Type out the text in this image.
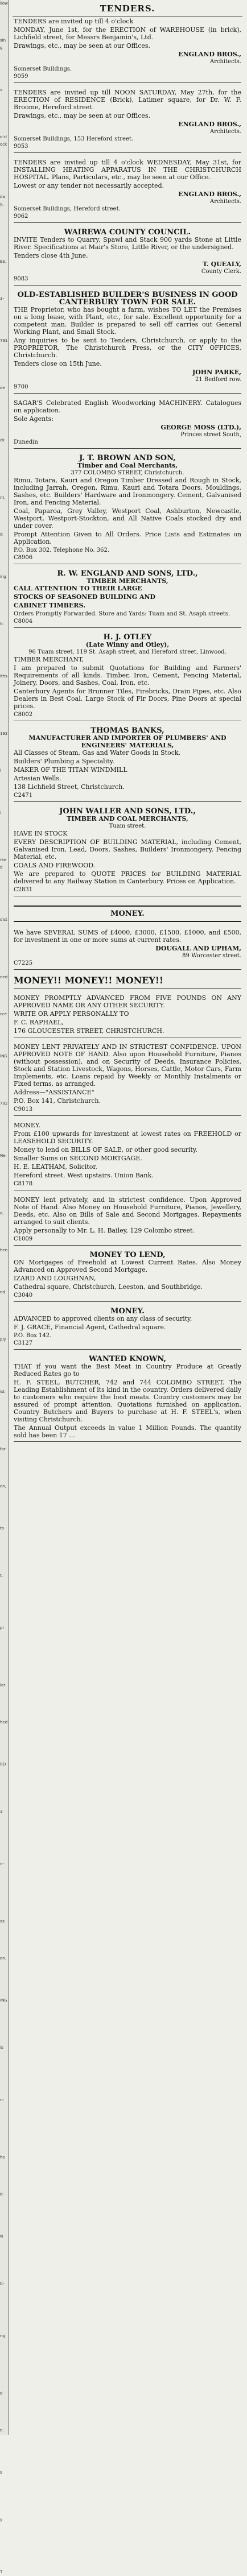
ilow
sing
v
o'clock
day,
ES,
3-
791
de
ck
nt,
it
ing
tr.
iths
192
l
i
rked
dist
ned
cce
ING
792
Ne,
a,
hen
nd
ply
ist
for
on,
to
t,
pr
ler
hed
RD
3
n-
as
on.
ING
is
n-
he
d-
N
ti-
ng
d
n.
s
y
7
TENDERS.

TENDERS are invited up till 4 o'clock

MONDAY, June 1st, for the ERECTION of WAREHOUSE (in brick), Lichfield street, for Messrs Benjamin's, Ltd.

Drawings, etc., may be seen at our Offices.

ENGLAND BROS.,
Architects.
Somerset Buildings.
9059

TENDERS are invited up till NOON SATURDAY, May 27th, for the ERECTION of RESIDENCE (Brick), Latimer square, for Dr. W. F. Broome, Hereford street.

Drawings, etc., may be seen at our Offices.

ENGLAND BROS.,
Architects.
Somerset Buildings, 153 Hereford street.
9053

TENDERS are invited up till 4 o'clock WEDNESDAY, May 31st, for INSTALLING HEATING APPARATUS IN THE CHRISTCHURCH HOSPITAL. Plans, Particulars, etc., may be seen at our Office.

Lowest or any tender not necessarily accepted.

ENGLAND BROS.,
Architects.
Somerset Buildings, Hereford street.
9062
WAIREWA COUNTY COUNCIL.

INVITE Tenders to Quarry, Spawl and Stack 900 yards Stone at Little River. Specifications at Mair's Store, Little River, or the undersigned.

Tenders close 4th June.

T. QUEALY,
County Clerk.
9083
OLD-ESTABLISHED BUILDER'S BUSINESS IN GOOD CANTERBURY TOWN FOR SALE.

THE Proprietor, who has bought a farm, wishes TO LET the Premises on a long lease, with Plant, etc., for sale. Excellent opportunity for a competent man. Builder is prepared to sell off carries out General Working Plant, and Small Stock.

Any inquiries to be sent to Tenders, Christchurch, or apply to the PROPRIETOR, The Christchurch Press, or the CITY OFFICES, Christchurch.

Tenders close on 15th June.

JOHN PARKE,
21 Bedford row.
9700

SAGAR'S Celebrated English Woodworking MACHINERY. Catalogues on application.

Sole Agents:

GEORGE MOSS (LTD.),
Princes street South,
Dunedin
J. T. BROWN AND SON,
Timber and Coal Merchants,
377 COLOMBO STREET, Christchurch.

Rimu, Totara, Kauri and Oregon Timber Dressed and Rough in Stock, including Jarrah, Oregon, Rimu, Kauri and Totara Doors, Mouldings, Sashes, etc. Builders' Hardware and Ironmongery. Cement, Galvanised Iron, and Fencing Material.

Coal, Paparoa, Grey Valley, Westport Coal, Ashburton, Newcastle, Westport, Westport-Stockton, and All Native Coals stocked dry and under cover.

Prompt Attention Given to All Orders. Price Lists and Estimates on Application.

P.O. Box 302. Telephone No. 362.
C8906
R. W. ENGLAND AND SONS, LTD.,
TIMBER MERCHANTS,

CALL ATTENTION TO THEIR LARGE

STOCKS OF SEASONED BUILDING AND

CABINET TIMBERS.

Orders Promptly Forwarded. Store and Yards: Tuam and St. Asaph streets.
C8004
H. J. OTLEY
(Late Winny and Otley),
96 Tuam street, 119 St. Asaph street, and Hereford street, Linwood.

TIMBER MERCHANT,

I am prepared to submit Quotations for Building and Farmers' Requirements of all kinds. Timber, Iron, Cement, Fencing Material, Joinery, Doors, and Sashes, Coal, Iron, etc.

Canterbury Agents for Brunner Tiles, Firebricks, Drain Pipes, etc. Also Dealers in Best Coal. Large Stock of Fir Doors, Pine Doors at special prices.

C8002
THOMAS BANKS,
MANUFACTURER AND IMPORTER OF PLUMBERS' AND ENGINEERS' MATERIALS,

All Classes of Steam, Gas and Water Goods in Stock.

Builders' Plumbing a Speciality.

MAKER OF THE TITAN WINDMILL

Artesian Wells.

138 Lichfield Street, Christchurch.

C2471
JOHN WALLER AND SONS, LTD.,
TIMBER AND COAL MERCHANTS,
Tuam street.

HAVE IN STOCK

EVERY DESCRIPTION OF BUILDING MATERIAL, including Cement, Galvanised Iron, Lead, Doors, Sashes, Builders' Ironmongery, Fencing Material, etc.

COALS AND FIREWOOD.

We are prepared to QUOTE PRICES for BUILDING MATERIAL delivered to any Railway Station in Canterbury. Prices on Application.

C2831
MONEY.

We have SEVERAL SUMS of £4000, £3000, £1500, £1000, and £500, for investment in one or more sums at current rates.

DOUGALL AND UPHAM,
89 Worcester street.
C7225

MONEY!! MONEY!! MONEY!!

MONEY PROMPTLY ADVANCED FROM FIVE POUNDS ON ANY APPROVED NAME OR ANY OTHER SECURITY.

WRITE OR APPLY PERSONALLY TO

F. C. RAPHAEL,

176 GLOUCESTER STREET, CHRISTCHURCH.

MONEY LENT PRIVATELY AND IN STRICTEST CONFIDENCE. UPON APPROVED NOTE OF HAND. Also upon Household Furniture, Pianos (without possession), and on Security of Deeds, Insurance Policies, Stock and Station Livestock, Wagons, Horses, Cattle, Motor Cars, Farm Implements, etc. Loans repaid by Weekly or Monthly Instalments or Fixed terms, as arranged.

Address—"ASSISTANCE"

P.O. Box 141, Christchurch.

C9013

MONEY.

From £100 upwards for investment at lowest rates on FREEHOLD or LEASEHOLD SECURITY.

Money to lend on BILLS OF SALE, or other good security.

Smaller Sums on SECOND MORTGAGE.

H. E. LEATHAM, Solicitor.

Hereford street. West upstairs. Union Bank.

C8178

MONEY lent privately, and in strictest confidence. Upon Approved Note of Hand. Also Money on Household Furniture, Pianos, Jewellery, Deeds, etc. Also on Bills of Sale and Second Mortgages. Repayments arranged to suit clients.

Apply personally to Mr. L. H. Bailey, 129 Colombo street.

C1009
MONEY TO LEND,

ON Mortgages of Freehold at Lowest Current Rates. Also Money Advanced on Approved Second Mortgage.

IZARD AND LOUGHNAN,

Cathedral square, Christchurch, Leeston, and Southbridge.

C3040
MONEY.

ADVANCED to approved clients on any class of security.

F. J. GRACE, Financial Agent, Cathedral square.

P.O. Box 142.
C3127
WANTED KNOWN,

THAT if you want the Best Meat in Country Produce at Greatly Reduced Rates go to

H. F. STEEL, BUTCHER, 742 and 744 COLOMBO STREET. The Leading Establishment of its kind in the country. Orders delivered daily to customers who require the best meats. Country customers may be assured of prompt attention. Quotations furnished on application. Country Butchers and Buyers to purchase at H. F. STEEL's, when visiting Christchurch.

The Annual Output exceeds in value 1 Million Pounds. The quantity sold has been 17 ...
